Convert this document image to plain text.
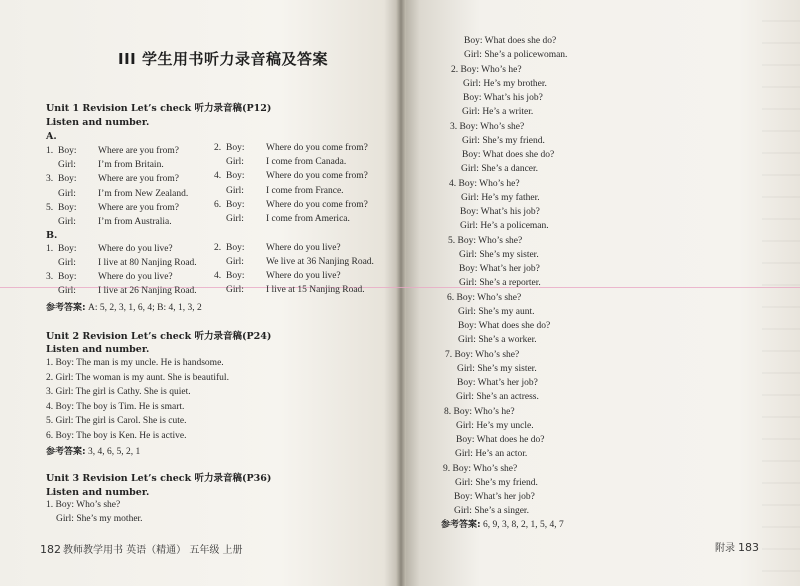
III 学生用书听力录音稿及答案
Unit 1 Revision Let’s check 听力录音稿(P12)
Listen and number.
A.
1. Boy: Where are you from?
Girl: I’m from Britain.
3. Boy: Where are you from?
Girl: I’m from New Zealand.
5. Boy: Where are you from?
Girl: I’m from Australia.
2. Boy: Where do you come from?
Girl: I come from Canada.
4. Boy: Where do you come from?
Girl: I come from France.
6. Boy: Where do you come from?
Girl: I come from America.
B.
1. Boy: Where do you live?
Girl: I live at 80 Nanjing Road.
3. Boy: Where do you live?
Girl: I live at 26 Nanjing Road.
2. Boy: Where do you live?
Girl: We live at 36 Nanjing Road.
4. Boy: Where do you live?
Girl: I live at 15 Nanjing Road.
参考答案: A: 5, 2, 3, 1, 6, 4; B: 4, 1, 3, 2
Unit 2 Revision Let’s check 听力录音稿(P24)
Listen and number.
1. Boy: The man is my uncle. He is handsome.
2. Girl: The woman is my aunt. She is beautiful.
3. Girl: The girl is Cathy. She is quiet.
4. Boy: The boy is Tim. He is smart.
5. Girl: The girl is Carol. She is cute.
6. Boy: The boy is Ken. He is active.
参考答案: 3, 4, 6, 5, 2, 1
Unit 3 Revision Let’s check 听力录音稿(P36)
Listen and number.
1. Boy: Who’s she?
Girl: She’s my mother.
182 教师教学用书 英语（精通） 五年级 上册
Boy: What does she do?
Girl: She’s a policewoman.
2. Boy: Who’s he?
Girl: He’s my brother.
Boy: What’s his job?
Girl: He’s a writer.
3. Boy: Who’s she?
Girl: She’s my friend.
Boy: What does she do?
Girl: She’s a dancer.
4. Boy: Who’s he?
Girl: He’s my father.
Boy: What’s his job?
Girl: He’s a policeman.
5. Boy: Who’s she?
Girl: She’s my sister.
Boy: What’s her job?
Girl: She’s a reporter.
6. Boy: Who’s she?
Girl: She’s my aunt.
Boy: What does she do?
Girl: She’s a worker.
7. Boy: Who’s she?
Girl: She’s my sister.
Boy: What’s her job?
Girl: She’s an actress.
8. Boy: Who’s he?
Girl: He’s my uncle.
Boy: What does he do?
Girl: He’s an actor.
9. Boy: Who’s she?
Girl: She’s my friend.
Boy: What’s her job?
Girl: She’s a singer.
参考答案: 6, 9, 3, 8, 2, 1, 5, 4, 7
附录 183
